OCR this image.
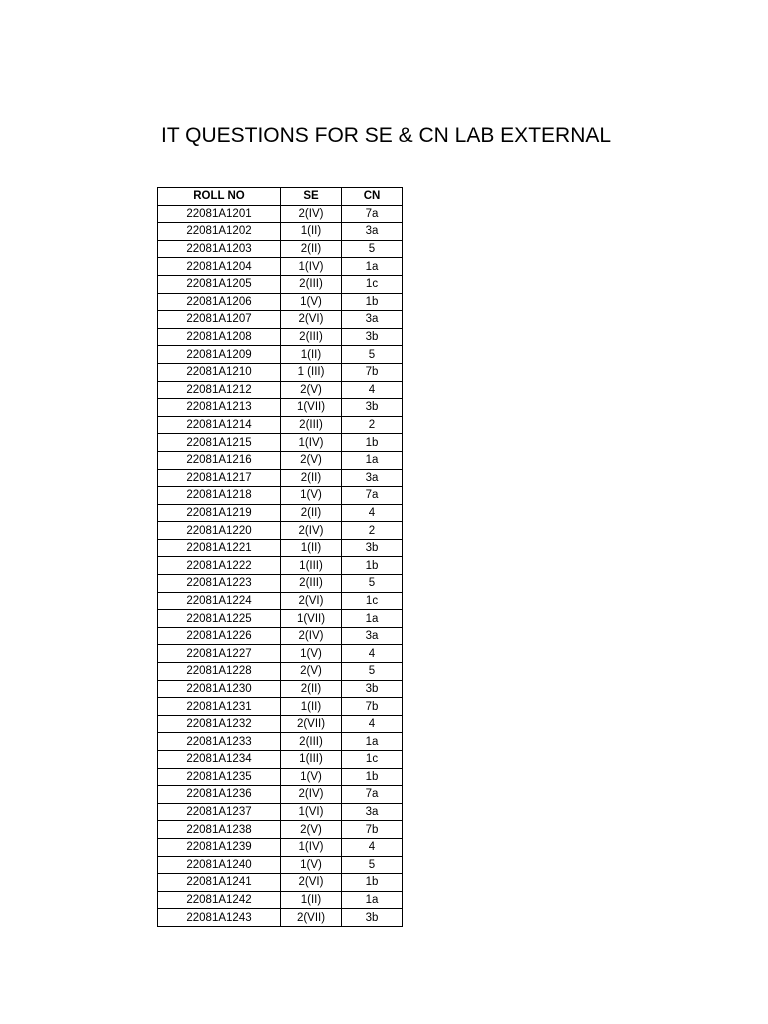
IT QUESTIONS FOR SE & CN LAB EXTERNAL
ROLL NO	SE	CN
22081A1201	2(IV)	7a
22081A1202	1(II)	3a
22081A1203	2(II)	5
22081A1204	1(IV)	1a
22081A1205	2(III)	1c
22081A1206	1(V)	1b
22081A1207	2(VI)	3a
22081A1208	2(III)	3b
22081A1209	1(II)	5
22081A1210	1 (III)	7b
22081A1212	2(V)	4
22081A1213	1(VII)	3b
22081A1214	2(III)	2
22081A1215	1(IV)	1b
22081A1216	2(V)	1a
22081A1217	2(II)	3a
22081A1218	1(V)	7a
22081A1219	2(II)	4
22081A1220	2(IV)	2
22081A1221	1(II)	3b
22081A1222	1(III)	1b
22081A1223	2(III)	5
22081A1224	2(VI)	1c
22081A1225	1(VII)	1a
22081A1226	2(IV)	3a
22081A1227	1(V)	4
22081A1228	2(V)	5
22081A1230	2(II)	3b
22081A1231	1(II)	7b
22081A1232	2(VII)	4
22081A1233	2(III)	1a
22081A1234	1(III)	1c
22081A1235	1(V)	1b
22081A1236	2(IV)	7a
22081A1237	1(VI)	3a
22081A1238	2(V)	7b
22081A1239	1(IV)	4
22081A1240	1(V)	5
22081A1241	2(VI)	1b
22081A1242	1(II)	1a
22081A1243	2(VII)	3b
